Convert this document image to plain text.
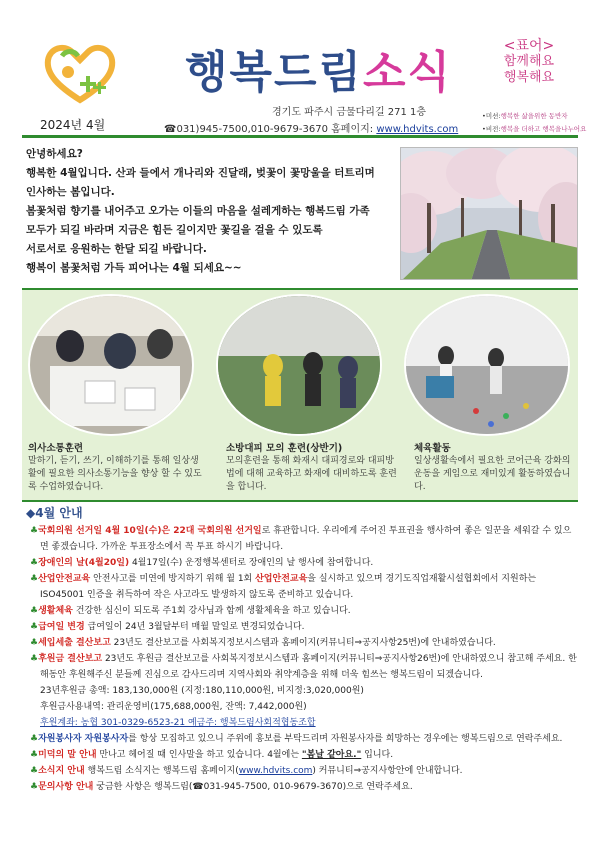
행복드림소식
<표어>
함께해요
행복해요
경기도 파주시 금물다리길 271 1층
2024년 4월	☎031)945-7500,010-9679-3670 홈페이지: www.hdvits.com
•미션:행복한 삶을위한 동반자
•비전:행복을 더하고 행복을나누어요
안녕하세요?
행복한 4월입니다. 산과 들에서 개나리와 진달래, 벚꽃이 꽃망울을 터트리며
인사하는 봄입니다.
봄꽃처럼 향기를 내어주고 오가는 이들의 마음을 설레게하는 행복드림 가족
모두가 되길 바라며 지금은 힘든 길이지만 꽃길을 걸을 수 있도록
서로서로 응원하는 한달 되길 바랍니다.
행복이 봄꽃처럼 가득 피어나는 4월 되세요~~
의사소통훈련
말하기, 듣기, 쓰기, 이해하기를 통해 일상생활에 필요한 의사소통기능을 향상 할 수 있도록 수업하였습니다.
소방대피 모의 훈련(상반기)
모의훈련을 통해 화재시 대피경로와 대피방법에 대해 교육하고 화재에 대비하도록 훈련을 합니다.
체육활동
일상생활속에서 필요한 코어근육 강화의 운동을 게임으로 재미있게 활동하였습니다.
◆4월 안내
♣국회의원 선거일 4월 10일(수)은 22대 국회의원 선거일로 휴관합니다. 우리에게 주어진 투표권을 행사하여 좋은 일꾼을 세워갈 수 있으면 좋겠습니다. 가까운 투표장소에서 꼭 투표 하시기 바랍니다.
♣장애인의 날(4월20일) 4월17일(수) 운정행복센터로 장애인의 날 행사에 참여합니다.
♣산업안전교육 안전사고를 미연에 방지하기 위해 월 1회 산업안전교육을 실시하고 있으며 경기도직업재활시설협회에서 지원하는 ISO45001 인증을 취득하여 작은 사고라도 발생하지 않도록 준비하고 있습니다.
♣생활체육 건강한 심신이 되도록 주1회 강사님과 함께 생활체육을 하고 있습니다.
♣급여일 변경 급여일이 24년 3월달부터 매월 말일로 변경되었습니다.
♣세입세출 결산보고 23년도 결산보고를 사회복지정보시스템과 홈페이지(커뮤니티⇒공지사항25번)에 안내하였습니다.
♣후원금 결산보고 23년도 후원금 결산보고를 사회복지정보시스템과 홈페이지(커뮤니티⇒공지사항26번)에 안내하였으니 참고해 주세요. 한해동안 후원해주신 분들께 진심으로 감사드리며 지역사회와 취약계층을 위해 더욱 힘쓰는 행복드림이 되겠습니다.
23년후원금 총액: 183,130,000원 (지정:180,110,000원, 비지정:3,020,000원)
후원금사용내역: 관리운영비(175,688,000원, 잔액: 7,442,000원)
후원계좌: 농협 301-0329-6523-21 예금주: 행복드림사회적협동조합
♣자원봉사자 자원봉사자를 항상 모집하고 있으니 주위에 홍보를 부탁드리며 자원봉사자를 희망하는 경우에는 행복드림으로 연락주세요.
♣미덕의 말 안내 만나고 헤어질 때 인사말을 하고 있습니다. 4월에는 "봄날 같아요." 입니다.
♣소식지 안내 행복드림 소식지는 행복드림 홈페이지(www.hdvits.com) 커뮤니티⇒공지사항안에 안내합니다.
♣문의사항 안내 궁금한 사항은 행복드림(☎031-945-7500, 010-9679-3670)으로 연락주세요.
